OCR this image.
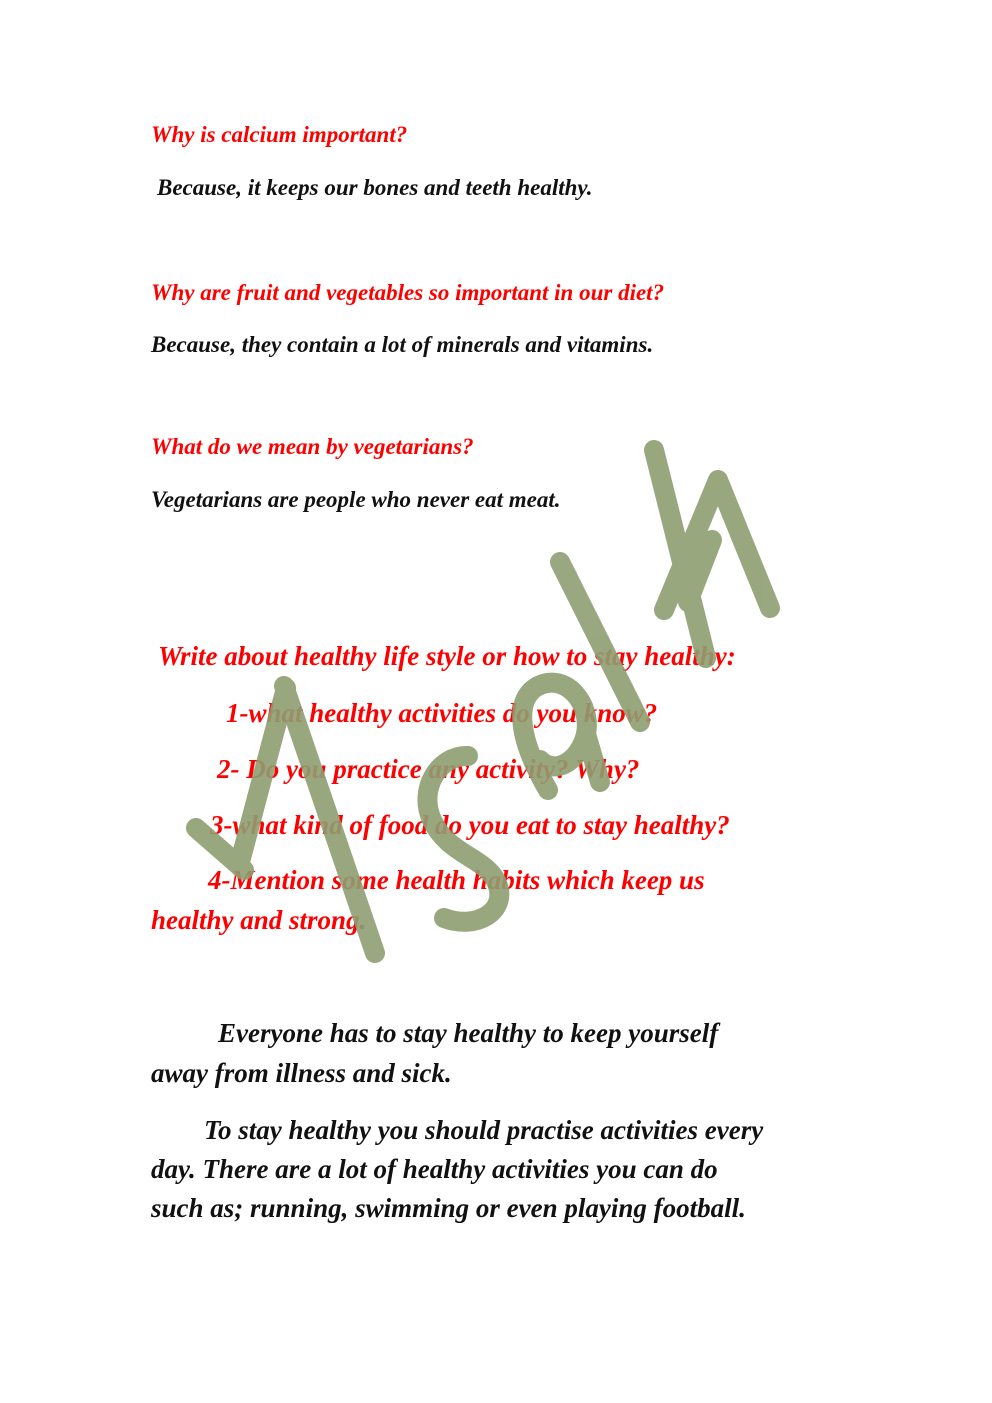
Why is calcium important?

Because, it keeps our bones and teeth healthy.

Why are fruit and vegetables so important in our diet?

Because, they contain a lot of minerals and vitamins.

What do we mean by vegetarians?

Vegetarians are people who never eat meat.

Write about healthy life style or how to stay healthy:

1-what healthy activities do you know?

2- Do you practice any activity? Why?

3-what kind of food do you eat to stay healthy?

4-Mention some health habits which keep us

healthy and strong.

Everyone has to stay healthy to keep yourself

away from illness and sick.

To stay healthy you should practise activities every

day. There are a lot of healthy activities you can do

such as; running, swimming or even playing football.
